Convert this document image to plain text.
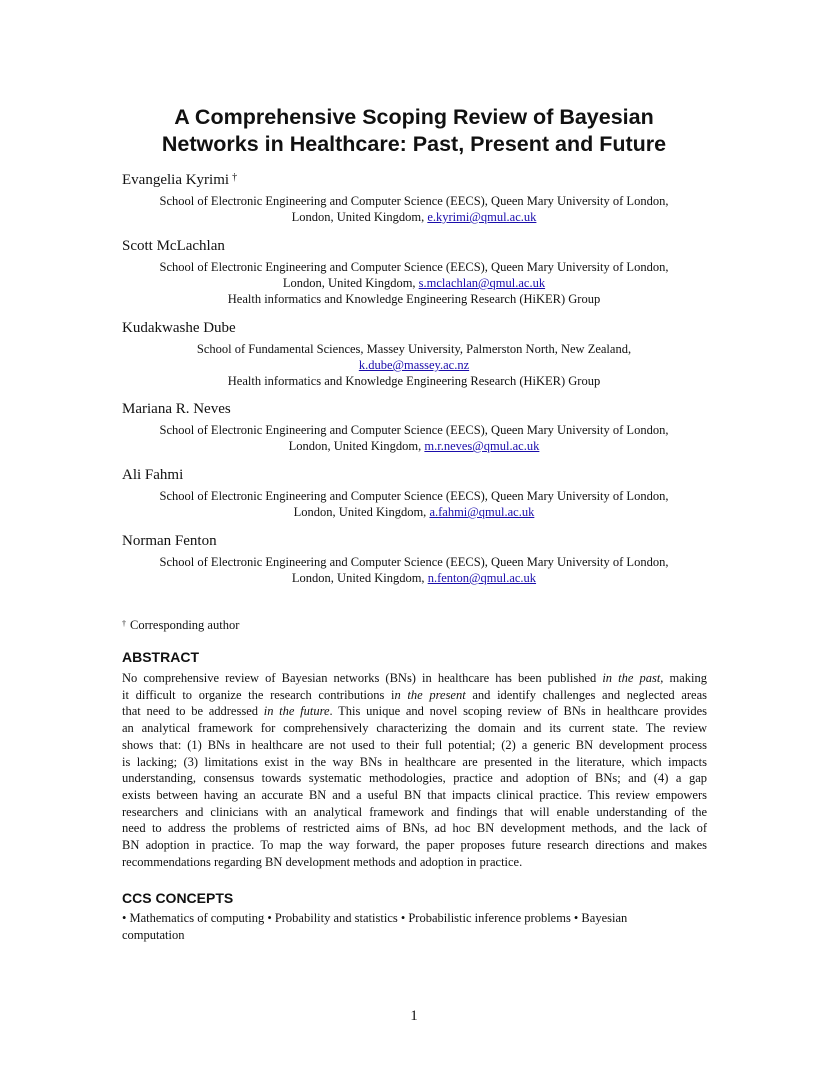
A Comprehensive Scoping Review of Bayesian
Networks in Healthcare: Past, Present and Future
Evangelia Kyrimi †
School of Electronic Engineering and Computer Science (EECS), Queen Mary University of London,
London, United Kingdom, e.kyrimi@qmul.ac.uk
Scott McLachlan
School of Electronic Engineering and Computer Science (EECS), Queen Mary University of London,
London, United Kingdom, s.mclachlan@qmul.ac.uk
Health informatics and Knowledge Engineering Research (HiKER) Group
Kudakwashe Dube
School of Fundamental Sciences, Massey University, Palmerston North, New Zealand,
k.dube@massey.ac.nz
Health informatics and Knowledge Engineering Research (HiKER) Group
Mariana R. Neves
School of Electronic Engineering and Computer Science (EECS), Queen Mary University of London,
London, United Kingdom, m.r.neves@qmul.ac.uk
Ali Fahmi
School of Electronic Engineering and Computer Science (EECS), Queen Mary University of London,
London, United Kingdom, a.fahmi@qmul.ac.uk
Norman Fenton
School of Electronic Engineering and Computer Science (EECS), Queen Mary University of London,
London, United Kingdom, n.fenton@qmul.ac.uk
† Corresponding author
ABSTRACT
No comprehensive review of Bayesian networks (BNs) in healthcare has been published in the past, making
it difficult to organize the research contributions in the present and identify challenges and neglected areas
that need to be addressed in the future. This unique and novel scoping review of BNs in healthcare provides
an analytical framework for comprehensively characterizing the domain and its current state. The review
shows that: (1) BNs in healthcare are not used to their full potential; (2) a generic BN development process
is lacking; (3) limitations exist in the way BNs in healthcare are presented in the literature, which impacts
understanding, consensus towards systematic methodologies, practice and adoption of BNs; and (4) a gap
exists between having an accurate BN and a useful BN that impacts clinical practice. This review empowers
researchers and clinicians with an analytical framework and findings that will enable understanding of the
need to address the problems of restricted aims of BNs, ad hoc BN development methods, and the lack of
BN adoption in practice. To map the way forward, the paper proposes future research directions and makes
recommendations regarding BN development methods and adoption in practice.
CCS CONCEPTS
• Mathematics of computing • Probability and statistics • Probabilistic inference problems • Bayesian
computation
1
